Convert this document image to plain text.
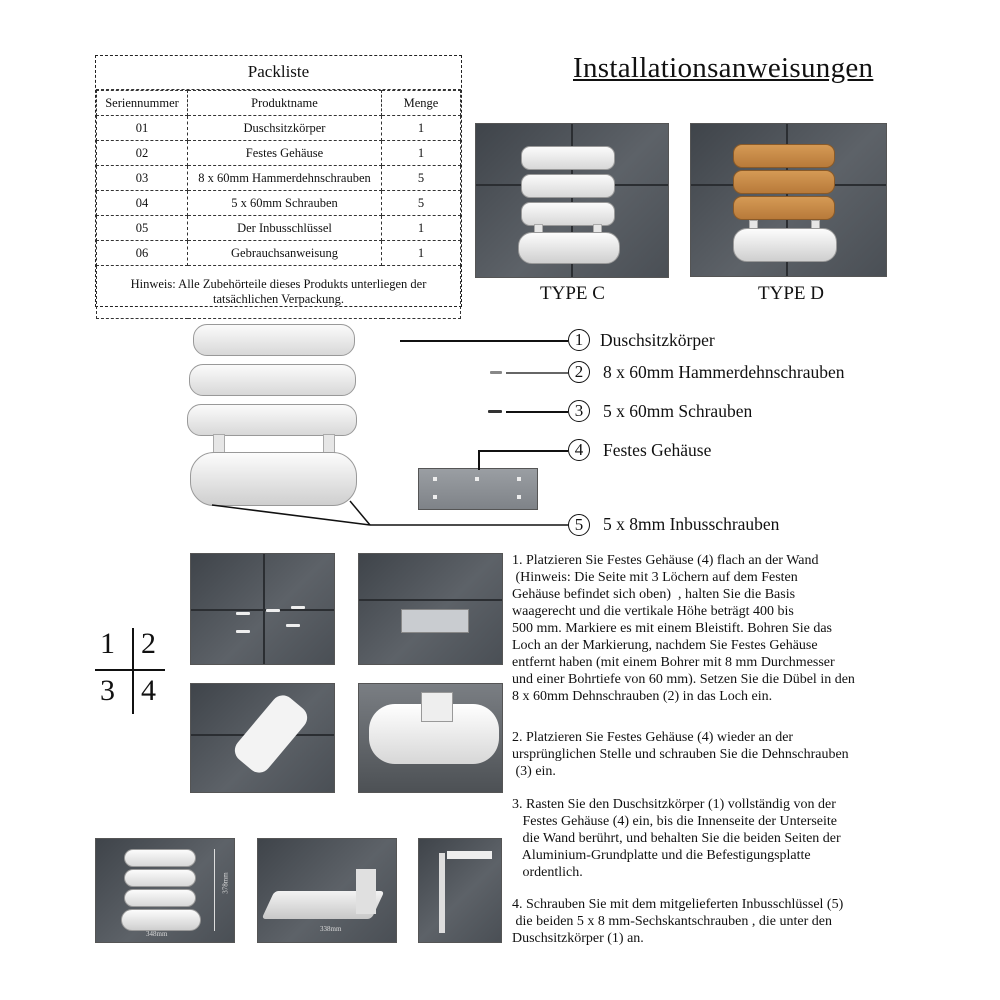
Packliste
Seriennummer	Produktname	Menge
01	Duschsitzkörper	1
02	Festes Gehäuse	1
03	8 x 60mm Hammerdehnschrauben	5
04	5 x 60mm Schrauben	5
05	Der Inbusschlüssel	1
06	Gebrauchsanweisung	1

Hinweis: Alle Zubehörteile dieses Produkts unterliegen der
tatsächlichen Verpackung.		
Installationsanweisungen
TYPE C	TYPE D
1 Duschsitzkörper
2	8 x 60mm Hammerdehnschrauben
3	5 x 60mm Schrauben
4	Festes Gehäuse
5	5 x 8mm Inbusschrauben
1 2
3 4

1. Platzieren Sie Festes Gehäuse (4) flach an der Wand

(Hinweis: Die Seite mit 3 Löchern auf dem Festen

Gehäuse befindet sich oben)  , halten Sie die Basis

waagerecht und die vertikale Höhe beträgt 400 bis

500 mm. Markiere es mit einem Bleistift. Bohren Sie das

Loch an der Markierung, nachdem Sie Festes Gehäuse

entfernt haben (mit einem Bohrer mit 8 mm Durchmesser

und einer Bohrtiefe von 60 mm). Setzen Sie die Dübel in den

8 x 60mm Dehnschrauben (2) in das Loch ein.

2. Platzieren Sie Festes Gehäuse (4) wieder an der

ursprünglichen Stelle und schrauben Sie die Dehnschrauben

(3) ein.

3. Rasten Sie den Duschsitzkörper (1) vollständig von der

Festes Gehäuse (4) ein, bis die Innenseite der Unterseite

die Wand berührt, und behalten Sie die beiden Seiten der

Aluminium-Grundplatte und die Befestigungsplatte

ordentlich.

4. Schrauben Sie mit dem mitgelieferten Inbusschlüssel (5)

die beiden 5 x 8 mm-Sechskantschrauben , die unter den

Duschsitzkörper (1) an.

378mm
348mm
338mm
